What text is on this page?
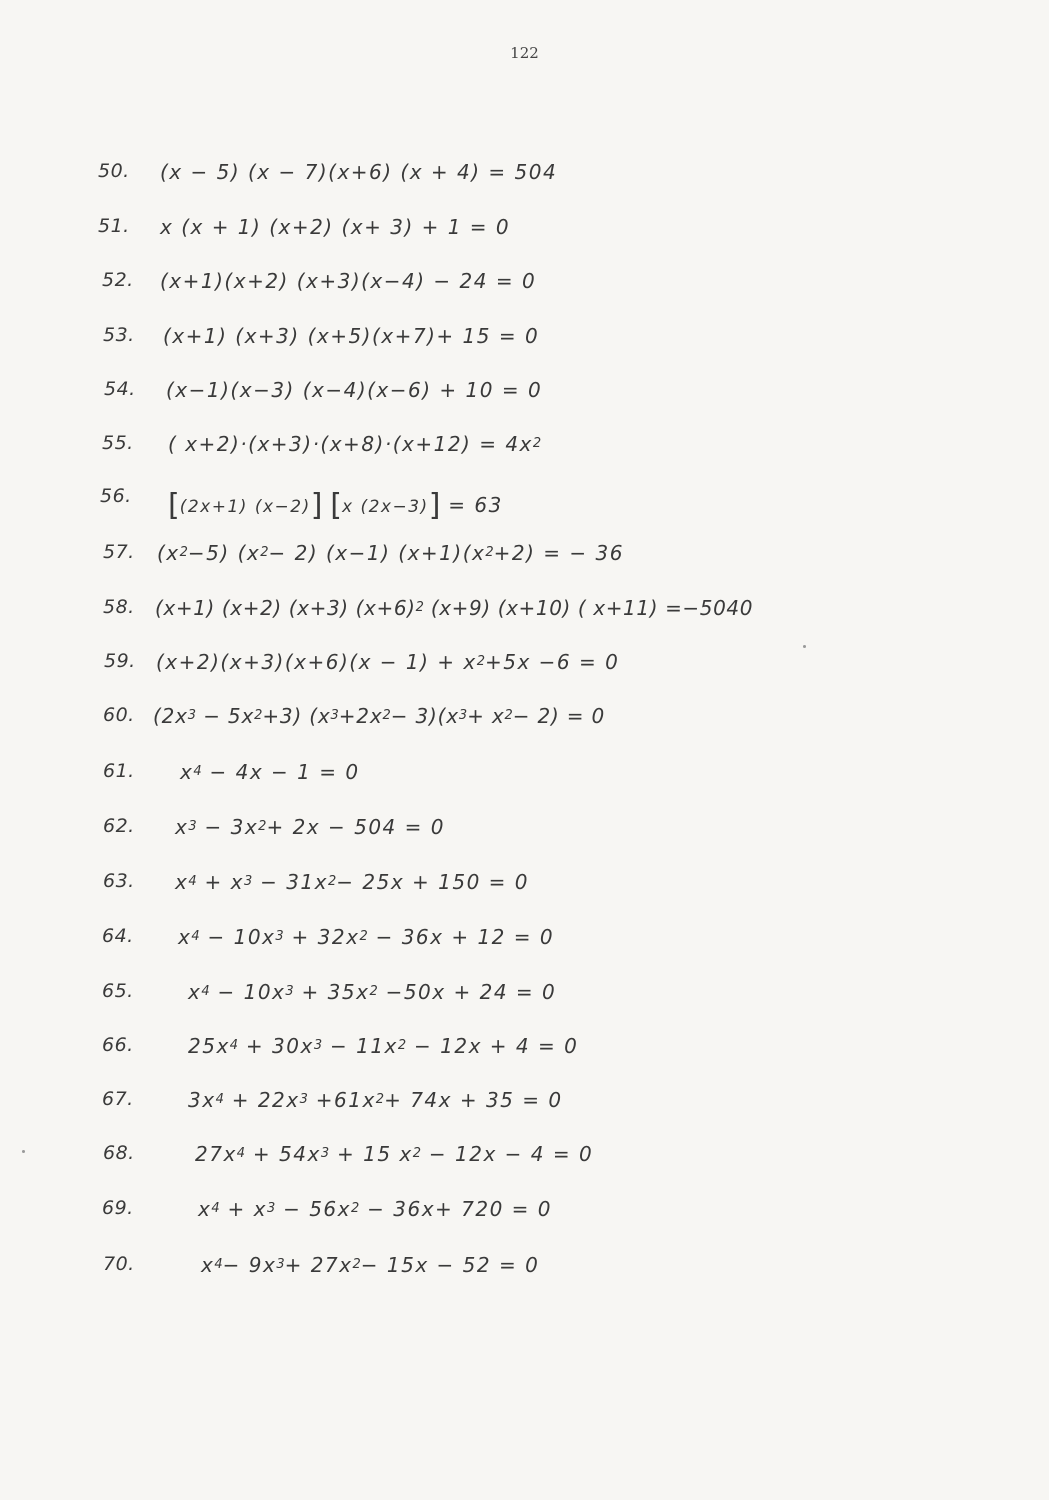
122
50. (x − 5) (x − 7)(x+6) (x + 4) = 504
51. x (x + 1) (x+2) (x+ 3) + 1 = 0
52. (x+1)(x+2) (x+3)(x−4) − 24 = 0
53. (x+1) (x+3) (x+5)(x+7)+ 15 = 0
54. (x−1)(x−3) (x−4)(x−6) + 10 = 0
55. ( $x+2)\cdot(x+3)\cdot(x+8)\cdot(x+12) = 4x^2$
56. [(2x+1) (x−2)] [x (2x−3)] = 63
57. $(x^2-5)$ $(x^2- 2)$ (x−1) $(x+1)(x^2+2)$ = − 36
58. (x+1) (x+2) (x+3) $(x+6)^2$ (x+9) (x+10) ( x+11) =−5040
59. $(x+2)(x+3)(x+6)(x - 1) + x^2+5x -6 = 0$
60. $(2x^3 - 5x^2+3)$ $(x^3+2x^2- 3)(x^3+ x^2- 2) = 0$
61. $x^4 - 4x - 1 = 0$
62. $x^3 - 3x^2+ 2x - 504 = 0$
63. $x^4 + x^3 - 31x^2- 25x + 150 = 0$
64. $x^4 - 10x^3 + 32x^2 - 36x + 12 = 0$
65.	$x^4 - 10x^3 + 35x^2 -50x + 24 = 0$
66.	$25x^4 + 30x^3 - 11x^2 - 12x + 4 = 0$
67.	$3x^4 + 22x^3 +61x^2+ 74x + 35 = 0$
68.	$27x^4 + 54x^3 + 15$ $x^2 - 12x - 4 = 0$
69.	$x^4 + x^3 - 56x^2 - 36x+ 720 = 0$
70.	$x^4- 9x^3+ 27x^2- 15x - 52 = 0$
